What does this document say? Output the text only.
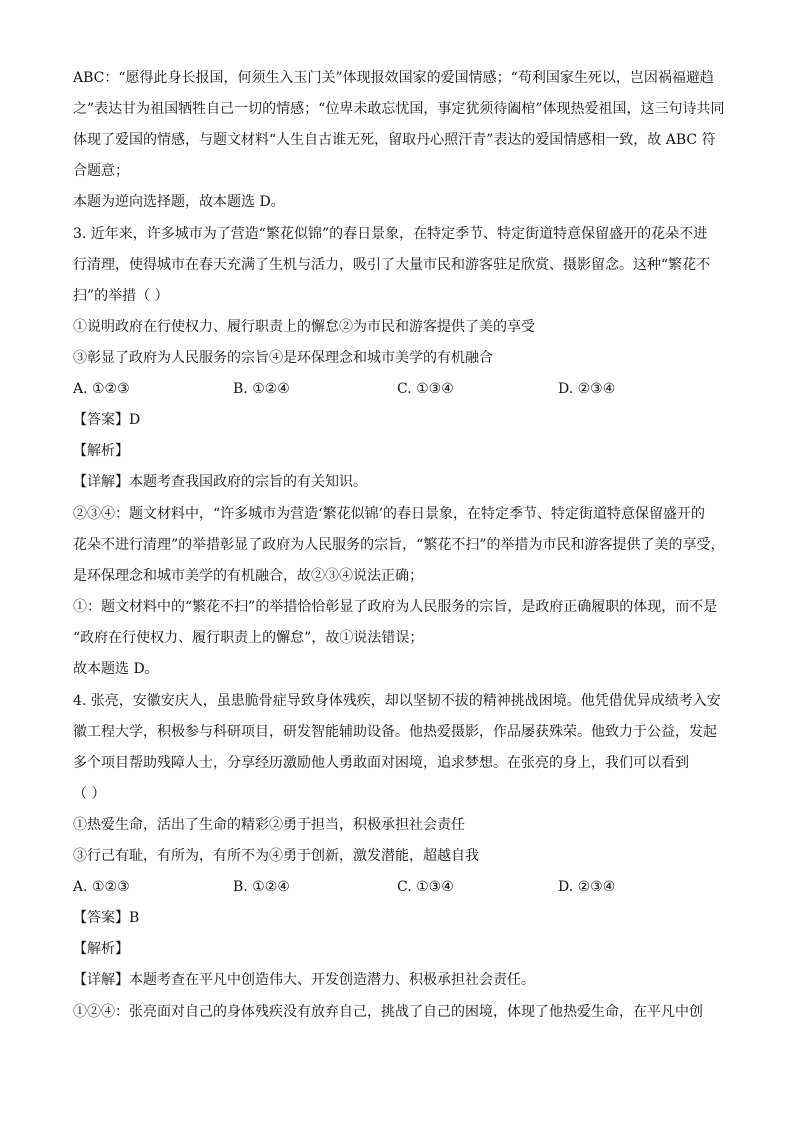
ABC：“愿得此身长报国，何须生入玉门关”体现报效国家的爱国情感；“苟利国家生死以，岂因祸福避趋
之”表达甘为祖国牺牲自己一切的情感；“位卑未敢忘忧国，事定犹须待阖棺”体现热爱祖国，这三句诗共同
体现了爱国的情感，与题文材料“人生自古谁无死，留取丹心照汗青”表达的爱国情感相一致，故 ABC 符
合题意；
本题为逆向选择题，故本题选 D。
3. 近年来，许多城市为了营造“繁花似锦”的春日景象，在特定季节、特定街道特意保留盛开的花朵不进
行清理，使得城市在春天充满了生机与活力，吸引了大量市民和游客驻足欣赏、摄影留念。这种“繁花不
扫”的举措（ ）
①说明政府在行使权力、履行职责上的懈怠②为市民和游客提供了美的享受
③彰显了政府为人民服务的宗旨④是环保理念和城市美学的有机融合
A. ①②③	B. ①②④	C. ①③④	D. ②③④
【答案】D
【解析】
【详解】本题考查我国政府的宗旨的有关知识。
②③④：题文材料中，“许多城市为营造‘繁花似锦’的春日景象，在特定季节、特定街道特意保留盛开的
花朵不进行清理”的举措彰显了政府为人民服务的宗旨，“繁花不扫”的举措为市民和游客提供了美的享受，
是环保理念和城市美学的有机融合，故②③④说法正确；
①：题文材料中的“繁花不扫”的举措恰恰彰显了政府为人民服务的宗旨，是政府正确履职的体现，而不是
“政府在行使权力、履行职责上的懈怠”，故①说法错误；
故本题选 D。
4. 张亮，安徽安庆人，虽患脆骨症导致身体残疾，却以坚韧不拔的精神挑战困境。他凭借优异成绩考入安
徽工程大学，积极参与科研项目，研发智能辅助设备。他热爱摄影，作品屡获殊荣。他致力于公益，发起
多个项目帮助残障人士，分享经历激励他人勇敢面对困境，追求梦想。在张亮的身上，我们可以看到
（ ）
①热爱生命，活出了生命的精彩②勇于担当，积极承担社会责任
③行己有耻，有所为，有所不为④勇于创新，激发潜能，超越自我
A. ①②③	B. ①②④	C. ①③④	D. ②③④
【答案】B
【解析】
【详解】本题考查在平凡中创造伟大、开发创造潜力、积极承担社会责任。
①②④：张亮面对自己的身体残疾没有放弃自己，挑战了自己的困境，体现了他热爱生命，在平凡中创
